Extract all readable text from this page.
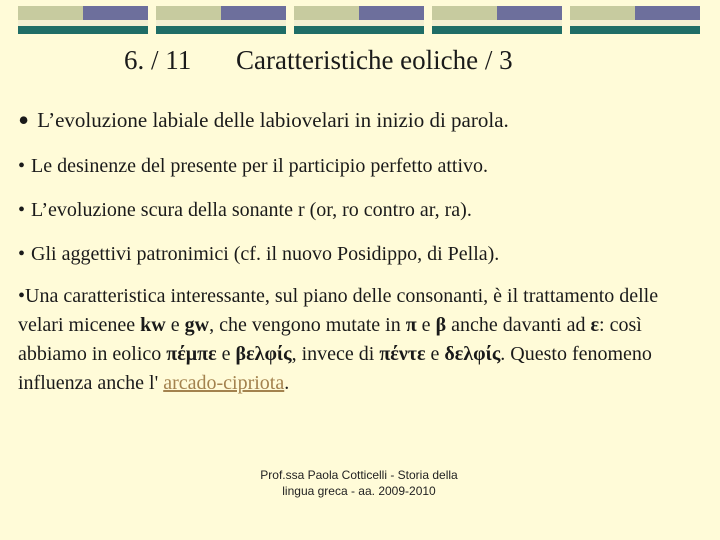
6. / 11 Caratteristiche eoliche / 3
• L’evoluzione labiale delle labiovelari in inizio di parola.
• Le desinenze del presente per il participio perfetto attivo.
• L’evoluzione scura della sonante r (or, ro contro ar, ra).
• Gli aggettivi patronimici (cf. il nuovo Posidippo, di Pella).
•Una caratteristica interessante, sul piano delle consonanti, è il trattamento delle velari micenee kw e gw, che vengono mutate in π e β anche davanti ad ε: così abbiamo in eolico πέμπε e βελφίς, invece di πέντε e δελφίς. Questo fenomeno influenza anche l' arcado-cipriota.
Prof.ssa Paola Cotticelli - Storia della lingua greca - aa. 2009-2010
